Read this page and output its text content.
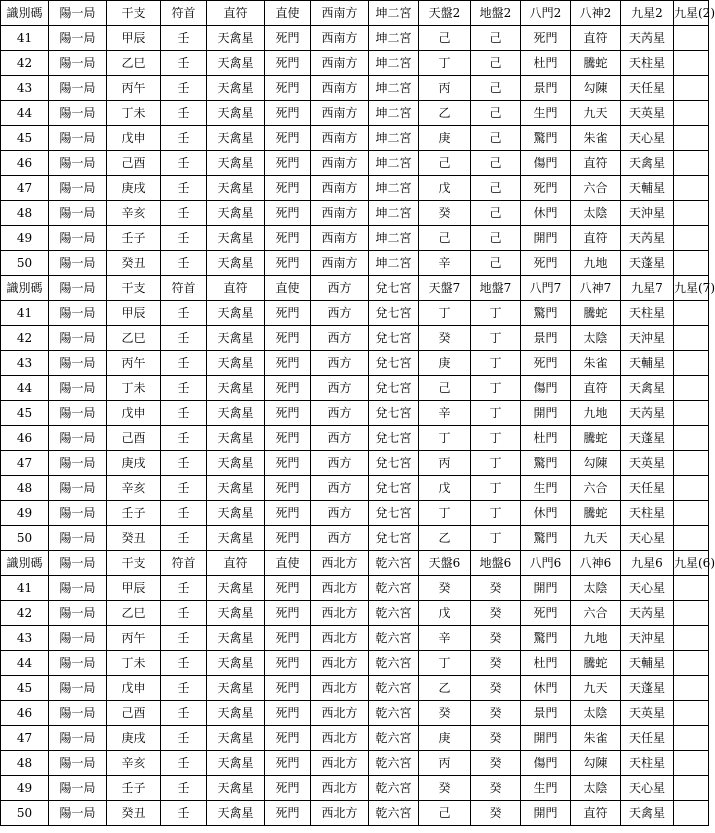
識別碼	陽一局	干支	符首	直符	直使	西南方	坤二宮	天盤2	地盤2	八門2	八神2	九星2	九星(2)
41	陽一局	甲辰	壬	天禽星	死門	西南方	坤二宮	己	己	死門	直符	天芮星	
42	陽一局	乙巳	壬	天禽星	死門	西南方	坤二宮	丁	己	杜門	騰蛇	天柱星	
43	陽一局	丙午	壬	天禽星	死門	西南方	坤二宮	丙	己	景門	勾陳	天任星	
44	陽一局	丁未	壬	天禽星	死門	西南方	坤二宮	乙	己	生門	九天	天英星	
45	陽一局	戊申	壬	天禽星	死門	西南方	坤二宮	庚	己	驚門	朱雀	天心星	
46	陽一局	己酉	壬	天禽星	死門	西南方	坤二宮	己	己	傷門	直符	天禽星	
47	陽一局	庚戌	壬	天禽星	死門	西南方	坤二宮	戊	己	死門	六合	天輔星	
48	陽一局	辛亥	壬	天禽星	死門	西南方	坤二宮	癸	己	休門	太陰	天沖星	
49	陽一局	壬子	壬	天禽星	死門	西南方	坤二宮	己	己	開門	直符	天芮星	
50	陽一局	癸丑	壬	天禽星	死門	西南方	坤二宮	辛	己	死門	九地	天蓬星	
識別碼	陽一局	干支	符首	直符	直使	西方	兌七宮	天盤7	地盤7	八門7	八神7	九星7	九星(7)
41	陽一局	甲辰	壬	天禽星	死門	西方	兌七宮	丁	丁	驚門	騰蛇	天柱星	
42	陽一局	乙巳	壬	天禽星	死門	西方	兌七宮	癸	丁	景門	太陰	天沖星	
43	陽一局	丙午	壬	天禽星	死門	西方	兌七宮	庚	丁	死門	朱雀	天輔星	
44	陽一局	丁未	壬	天禽星	死門	西方	兌七宮	己	丁	傷門	直符	天禽星	
45	陽一局	戊申	壬	天禽星	死門	西方	兌七宮	辛	丁	開門	九地	天芮星	
46	陽一局	己酉	壬	天禽星	死門	西方	兌七宮	丁	丁	杜門	騰蛇	天蓬星	
47	陽一局	庚戌	壬	天禽星	死門	西方	兌七宮	丙	丁	驚門	勾陳	天英星	
48	陽一局	辛亥	壬	天禽星	死門	西方	兌七宮	戊	丁	生門	六合	天任星	
49	陽一局	壬子	壬	天禽星	死門	西方	兌七宮	丁	丁	休門	騰蛇	天柱星	
50	陽一局	癸丑	壬	天禽星	死門	西方	兌七宮	乙	丁	驚門	九天	天心星	
識別碼	陽一局	干支	符首	直符	直使	西北方	乾六宮	天盤6	地盤6	八門6	八神6	九星6	九星(6)
41	陽一局	甲辰	壬	天禽星	死門	西北方	乾六宮	癸	癸	開門	太陰	天心星	
42	陽一局	乙巳	壬	天禽星	死門	西北方	乾六宮	戊	癸	死門	六合	天芮星	
43	陽一局	丙午	壬	天禽星	死門	西北方	乾六宮	辛	癸	驚門	九地	天沖星	
44	陽一局	丁未	壬	天禽星	死門	西北方	乾六宮	丁	癸	杜門	騰蛇	天輔星	
45	陽一局	戊申	壬	天禽星	死門	西北方	乾六宮	乙	癸	休門	九天	天蓬星	
46	陽一局	己酉	壬	天禽星	死門	西北方	乾六宮	癸	癸	景門	太陰	天英星	
47	陽一局	庚戌	壬	天禽星	死門	西北方	乾六宮	庚	癸	開門	朱雀	天任星	
48	陽一局	辛亥	壬	天禽星	死門	西北方	乾六宮	丙	癸	傷門	勾陳	天柱星	
49	陽一局	壬子	壬	天禽星	死門	西北方	乾六宮	癸	癸	生門	太陰	天心星	
50	陽一局	癸丑	壬	天禽星	死門	西北方	乾六宮	己	癸	開門	直符	天禽星	
